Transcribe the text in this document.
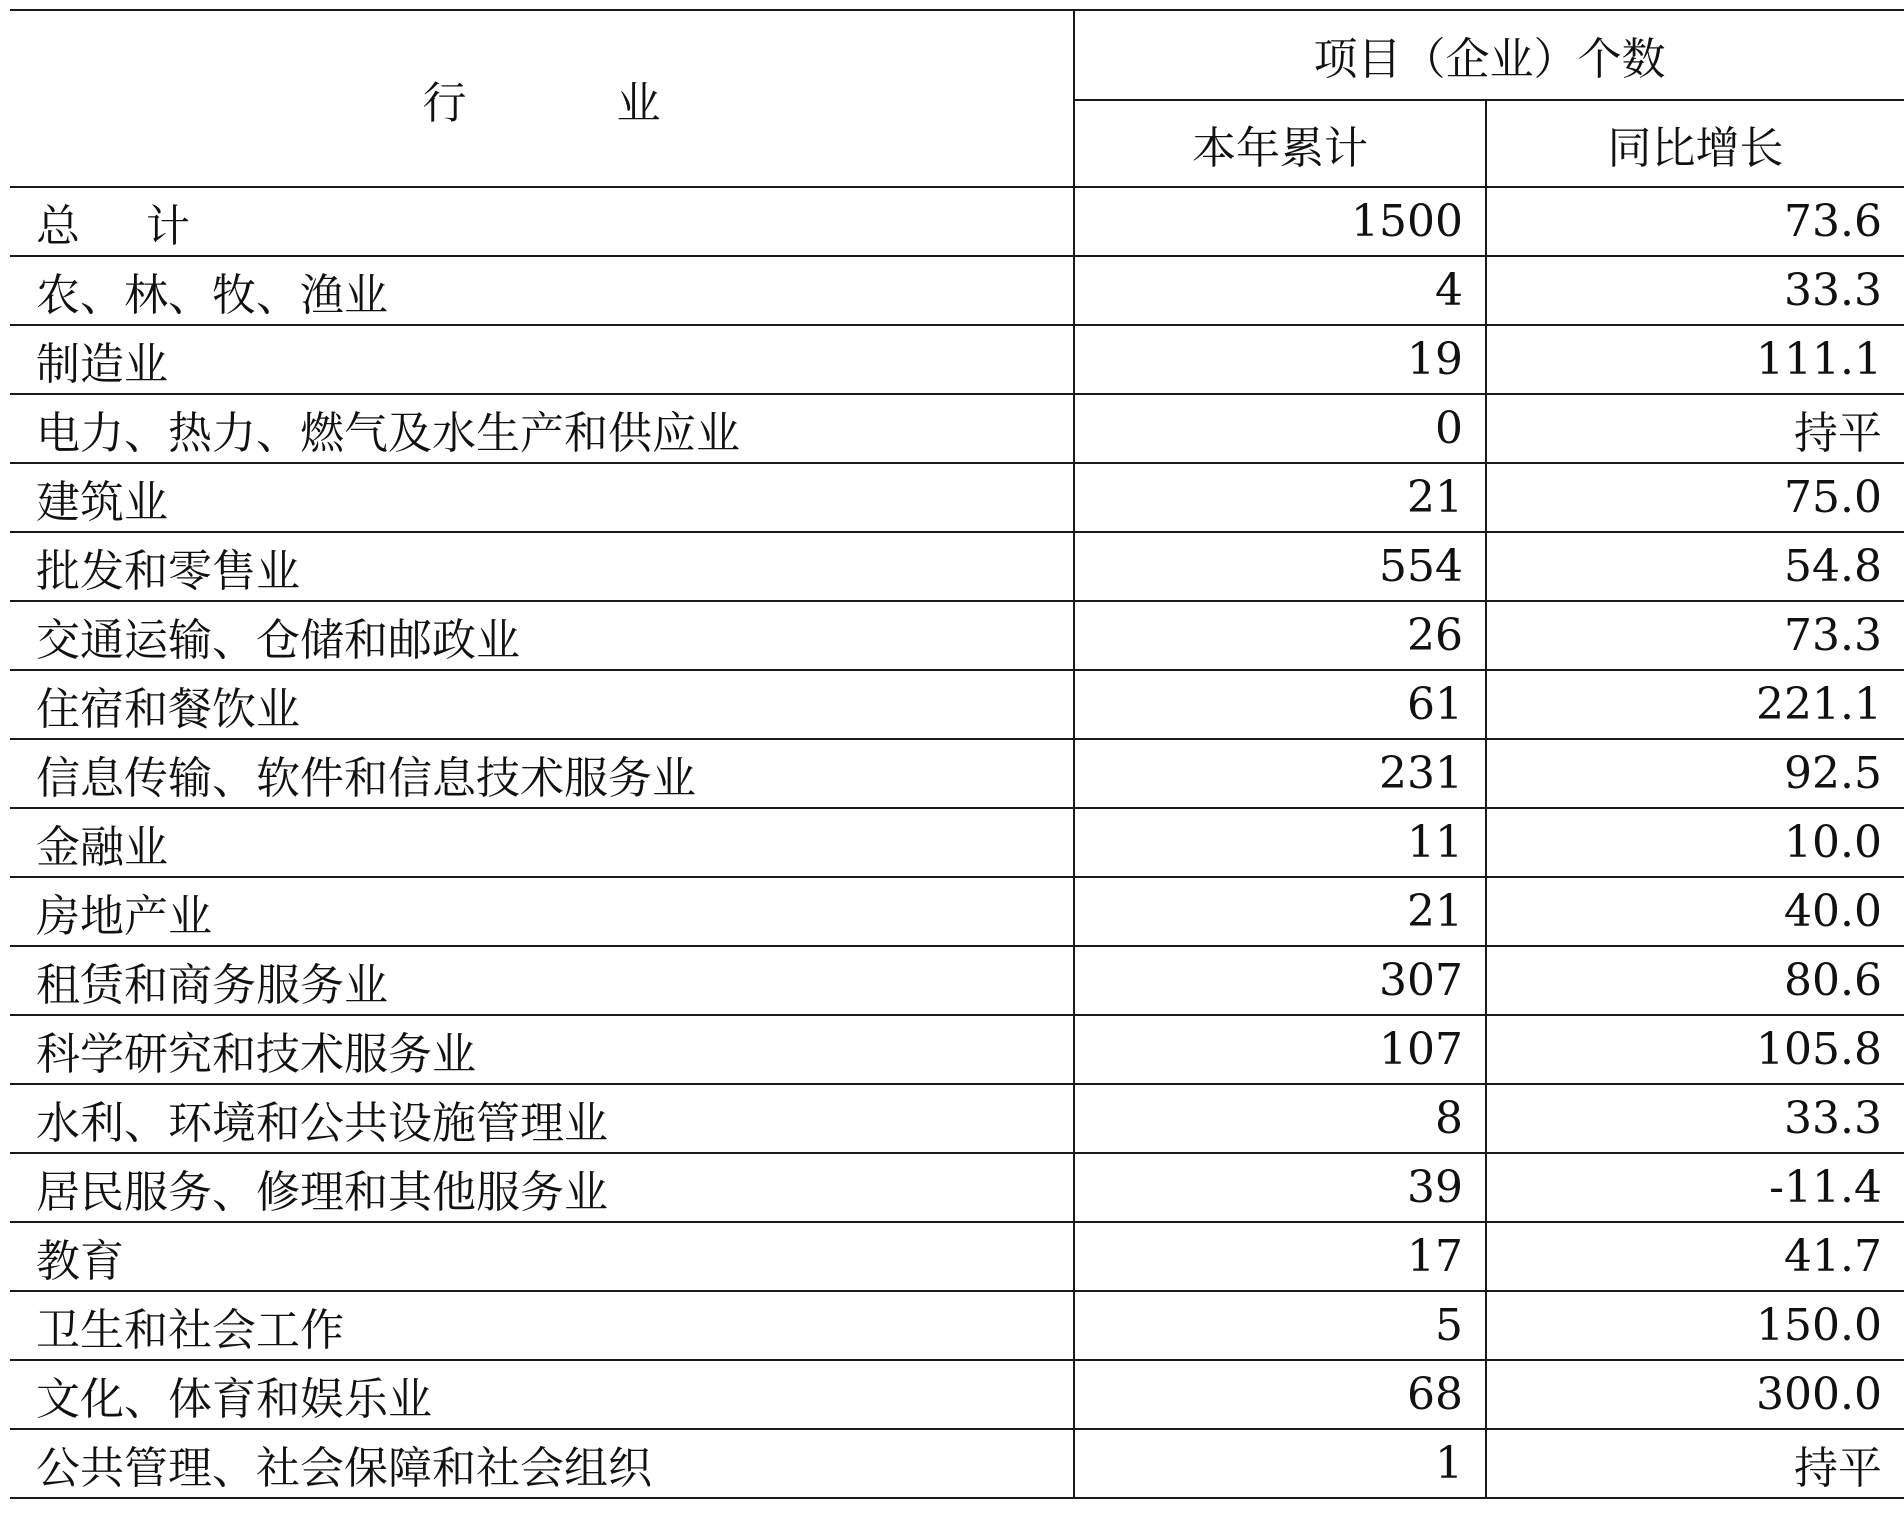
行 业	项目（企业）个数	
	本年累计	同比增长
总 计	1500	73.6
农、林、牧、渔业	4	33.3
制造业	19	111.1
电力、热力、燃气及水生产和供应业	0	持平
建筑业	21	75.0
批发和零售业	554	54.8
交通运输、仓储和邮政业	26	73.3
住宿和餐饮业	61	221.1
信息传输、软件和信息技术服务业	231	92.5
金融业	11	10.0
房地产业	21	40.0
租赁和商务服务业	307	80.6
科学研究和技术服务业	107	105.8
水利、环境和公共设施管理业	8	33.3
居民服务、修理和其他服务业	39	-11.4
教育	17	41.7
卫生和社会工作	5	150.0
文化、体育和娱乐业	68	300.0
公共管理、社会保障和社会组织	1	持平
